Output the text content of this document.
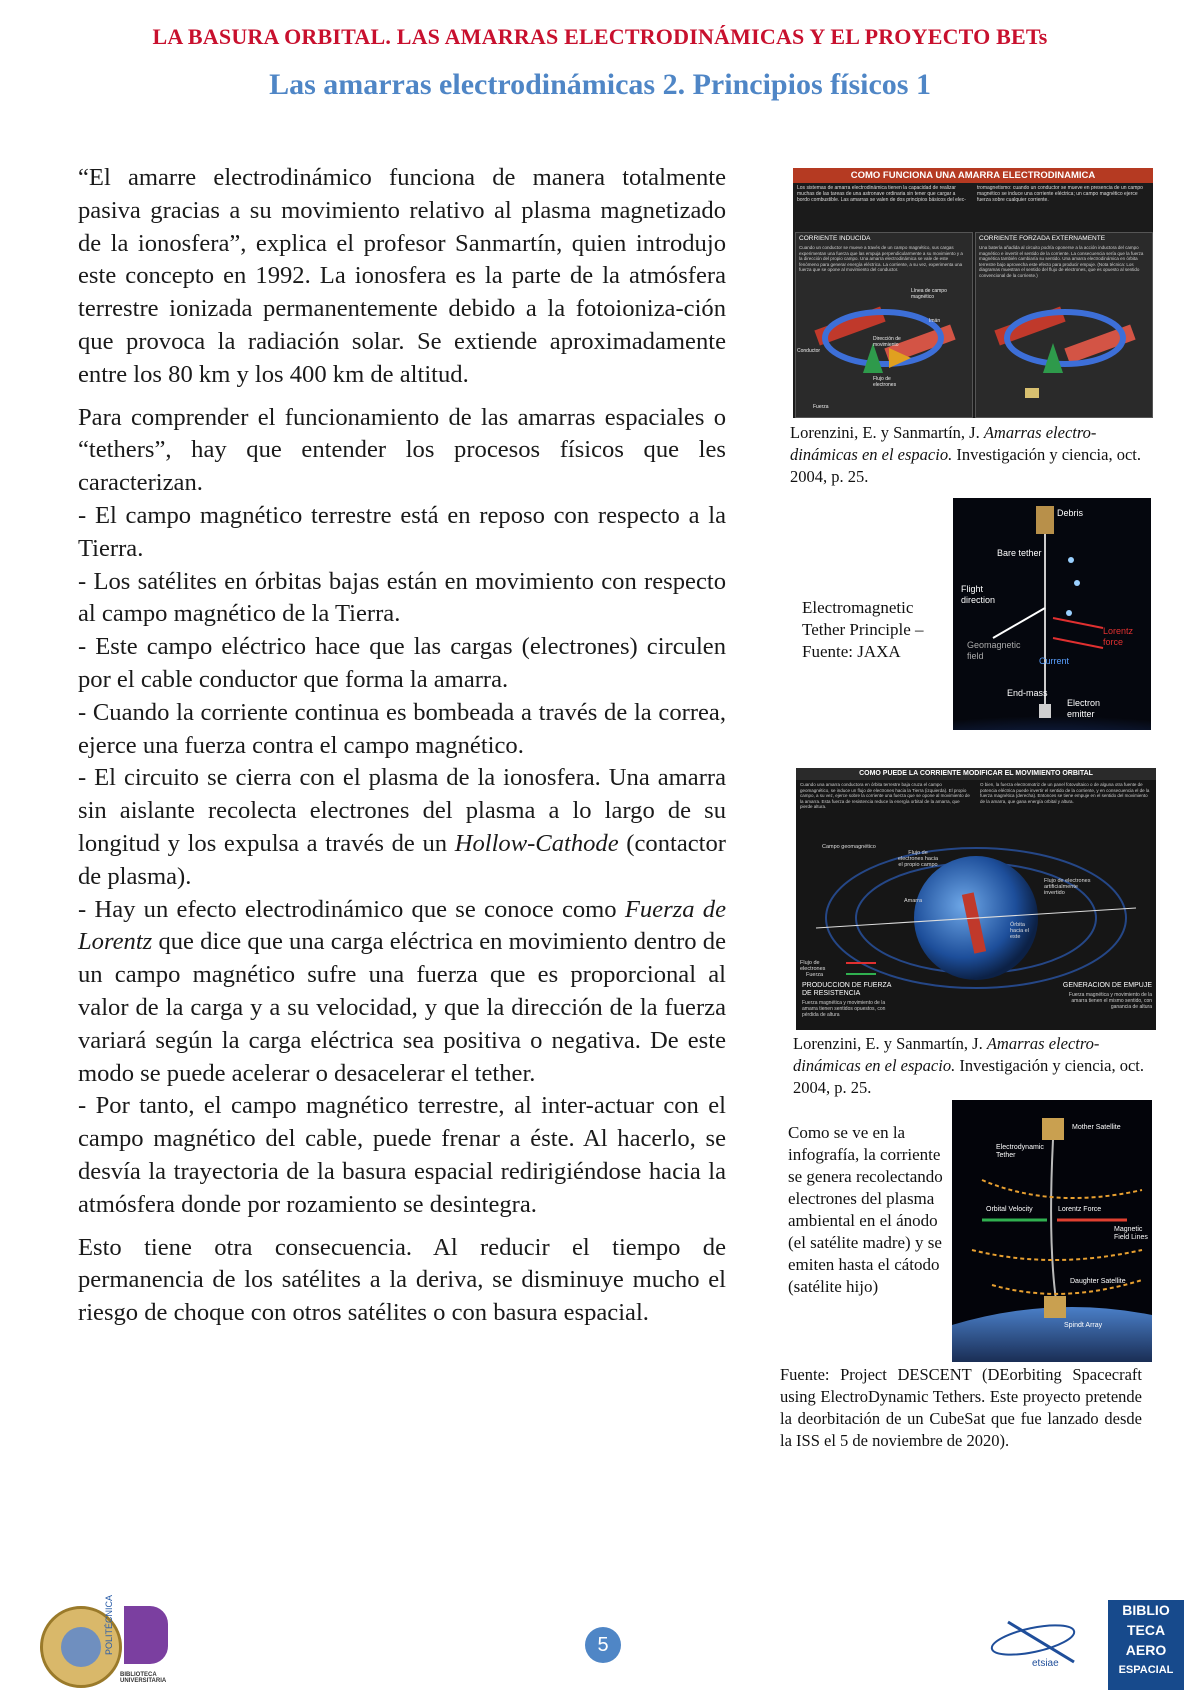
LA BASURA ORBITAL. LAS AMARRAS ELECTRODINÁMICAS Y EL PROYECTO BETs
Las amarras electrodinámicas 2. Principios físicos 1

“El amarre electrodinámico funciona de manera totalmente pasiva gracias a su movimiento relativo al plasma magnetizado de la ionosfera”, explica el profesor Sanmartín, quien introdujo este concepto en 1992. La ionosfera es la parte de la atmósfera terrestre ionizada permanentemente debido a la fotoioniza-ción que provoca la radiación solar. Se extiende aproximadamente entre los 80 km y los 400 km de altitud.

Para comprender el funcionamiento de las amarras espaciales o “tethers”, hay que entender los procesos físicos que les caracterizan.
- El campo magnético terrestre está en reposo con respecto a la Tierra.
- Los satélites en órbitas bajas están en movimiento con respecto al campo magnético de la Tierra.
- Este campo eléctrico hace que las cargas (electrones) circulen por el cable conductor que forma la amarra.
- Cuando la corriente continua es bombeada a través de la correa, ejerce una fuerza contra el campo magnético.
- El circuito se cierra con el plasma de la ionosfera. Una amarra sin aislante recolecta electrones del plasma a lo largo de su longitud y los expulsa a través de un Hollow-Cathode (contactor de plasma).
- Hay un efecto electrodinámico que se conoce como Fuerza de Lorentz que dice que una carga eléctrica en movimiento dentro de un campo magnético sufre una fuerza que es proporcional al valor de la carga y a su velocidad, y que la dirección de la fuerza variará según la carga eléctrica sea positiva o negativa. De este modo se puede acelerar o desacelerar el tether.
- Por tanto, el campo magnético terrestre, al inter-actuar con el campo magnético del cable, puede frenar a éste. Al hacerlo, se desvía la trayectoria de la basura espacial redirigiéndose hacia la atmósfera donde por rozamiento se desintegra.

Esto tiene otra consecuencia. Al reducir el tiempo de permanencia de los satélites a la deriva, se disminuye mucho el riesgo de choque con otros satélites o con basura espacial.

COMO FUNCIONA UNA AMARRA ELECTRODINAMICA
Los sistemas de amarra electrodinámica tienen la capacidad de realizar muchas de las tareas de una astronave ordinaria sin tener que cargar a bordo combustible. Las amarras se valen de dos principios básicos del elec-
tromagnetismo: cuando un conductor se mueve en presencia de un campo magnético se induce una corriente eléctrica; un campo magnético ejerce fuerza sobre cualquier corriente.
CORRIENTE INDUCIDA
Cuando un conductor se mueve a través de un campo magnético, sus cargas experimentan una fuerza que las empuja perpendicularmente a su movimiento y a la dirección del propio campo. Una amarra electrodinámica se vale de este fenómeno para generar energía eléctrica. La corriente, a su vez, experimenta una fuerza que se opone al movimiento del conductor.
CORRIENTE FORZADA EXTERNAMENTE
Una batería añadida al circuito podría oponerse a la acción inductora del campo magnético e invertir el sentido de la corriente. La consecuencia sería que la fuerza magnética también cambiaría su sentido. Una amarra electrodinámica en órbita terrestre bajo aprovecha este efecto para producir empuje. (Nota técnica: Los diagramas muestran el sentido del flujo de electrones, que es opuesto al sentido convencional de la corriente.)
Línea de campo magnético
Imán
Dirección de movimiento
Conductor
Flujo de electrones
Fuerza
Lorenzini, E. y Sanmartín, J. Amarras electro-dinámicas en el espacio. Investigación y ciencia, oct. 2004, p. 25.
Electromagnetic Tether Principle – Fuente: JAXA
Debris
Bare tether
Flight direction
Lorentz force
Geomagnetic field	Current
End-mass
Electron emitter
COMO PUEDE LA CORRIENTE MODIFICAR EL MOVIMIENTO ORBITAL
Cuando una amarra conductora en órbita terrestre baja cruza el campo geomagnético, se induce un flujo de electrones hacia la Tierra (izquierda). El propio campo, a su vez, ejerce sobre la corriente una fuerza que se opone al movimiento de la amarra. Esta fuerza de resistencia reduce la energía orbital de la amarra, que pierde altura.
O bien, la fuerza electromotriz de un panel fotovoltaico o de alguna otra fuente de potencia eléctrica puede invertir el sentido de la corriente, y en consecuencia el de la fuerza magnética (derecha). Entonces se tiene empuje en el sentido del movimiento de la amarra, que gana energía orbital y altura.
Campo geomagnético
Flujo de electrones hacia el propio campo
Amarra
Flujo de electrones artificialmente invertido
Órbita hacia el este
Flujo de electrones
Fuerza
PRODUCCION DE FUERZA DE RESISTENCIA
Fuerza magnética y movimiento de la amarra tienen sentidos opuestos, con pérdida de altura
GENERACION DE EMPUJE
Fuerza magnética y movimiento de la amarra tienen el mismo sentido, con ganancia de altura
Lorenzini, E. y Sanmartín, J. Amarras electro-dinámicas en el espacio. Investigación y ciencia, oct. 2004, p. 25.
Como se ve en la infografía, la corriente se genera recolectando electrones del plasma ambiental en el ánodo (el satélite madre) y se emiten hasta el cátodo (satélite hijo)
Mother Satellite
Electrodynamic Tether
Orbital Velocity	Lorentz Force
Magnetic Field Lines
Daughter Satellite
Spindt Array
Fuente: Project DESCENT (DEorbiting Spacecraft using ElectroDynamic Tethers. Este proyecto pretende la deorbitación de un CubeSat que fue lanzado desde la ISS el 5 de noviembre de 2020).
POLITÉCNICA
BIBLIOTECA UNIVERSITARIA
5
etsiae
BIBLIO
TECA
AERO
ESPACIAL
